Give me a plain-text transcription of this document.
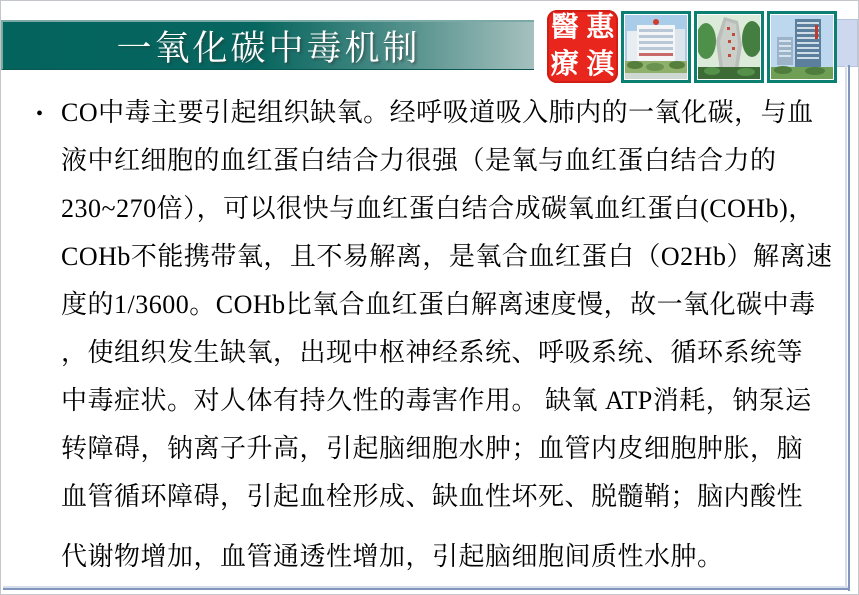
一氧化碳中毒机制
醫 惠
療 滇
• CO中毒主要引起组织缺氧。经呼吸道吸入肺内的一氧化碳，与血
液中红细胞的血红蛋白结合力很强（是氧与血红蛋白结合力的
230~270倍），可以很快与血红蛋白结合成碳氧血红蛋白(COHb)，
COHb不能携带氧，且不易解离，是氧合血红蛋白（O2Hb）解离速
度的1/3600。COHb比氧合血红蛋白解离速度慢，故一氧化碳中毒
，使组织发生缺氧，出现中枢神经系统、呼吸系统、循环系统等
中毒症状。对人体有持久性的毒害作用。 缺氧 ATP消耗，钠泵运
转障碍，钠离子升高，引起脑细胞水肿；血管内皮细胞肿胀，脑
血管循环障碍，引起血栓形成、缺血性坏死、脱髓鞘；脑内酸性
代谢物增加，血管通透性增加，引起脑细胞间质性水肿。
